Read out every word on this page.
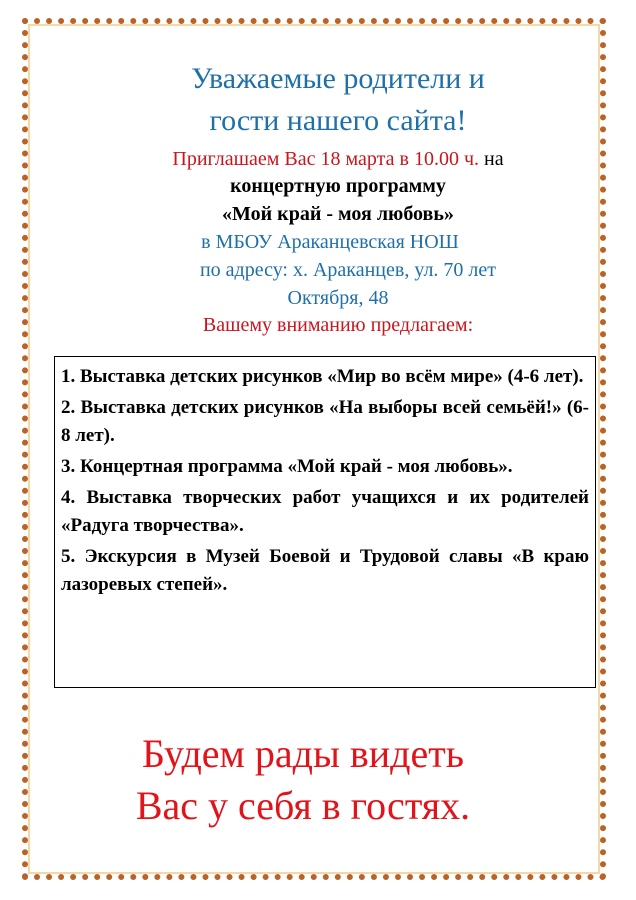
Уважаемые родители и
гости нашего сайта!
Приглашаем Вас 18 марта в 10.00 ч. на
концертную программу
«Мой край - моя любовь»
в МБОУ Араканцевская НОШ
по адресу: х. Араканцев, ул. 70 лет
Октября, 48
Вашему вниманию предлагаем:

1. Выставка детских рисунков «Мир во всём мире» (4-6 лет).

2. Выставка детских рисунков «На выборы всей семьёй!» (6-8 лет).

3. Концертная программа «Мой край - моя любовь».

4. Выставка творческих работ учащихся и их родителей «Радуга творчества».

5. Экскурсия в Музей Боевой и Трудовой славы «В краю лазоревых степей».

Будем рады видеть
Вас у себя в гостях.
